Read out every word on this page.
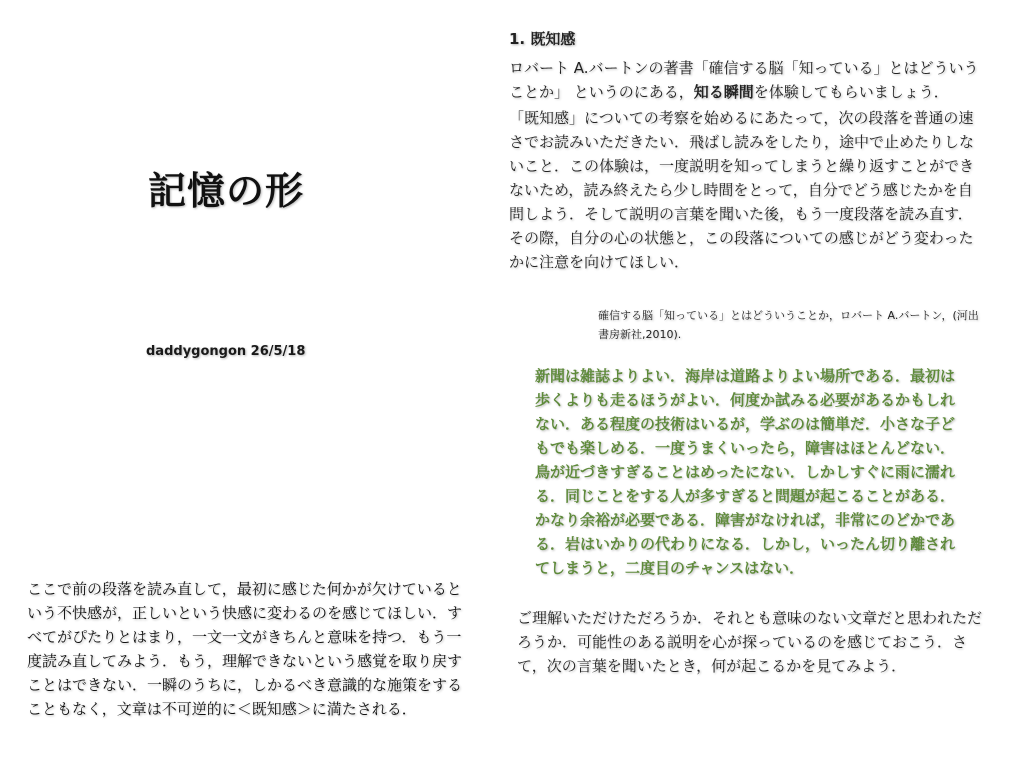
記憶の形
daddygongon 26/5/18

ここで前の段落を読み直して，最初に感じた何かが欠けているという不快感が，正しいという快感に変わるのを感じてほしい．すべてがぴたりとはまり，一文一文がきちんと意味を持つ．もう一度読み直してみよう．もう，理解できないという感覚を取り戻すことはできない．一瞬のうちに，しかるべき意識的な施策をすることもなく，文章は不可逆的に＜既知感＞に満たされる．

1. 既知感

ロバート A.バートンの著書「確信する脳「知っている」とはどういうことか」 というのにある，知る瞬間を体験してもらいましょう．

「既知感」についての考察を始めるにあたって，次の段落を普通の速さでお読みいただきたい．飛ばし読みをしたり，途中で止めたりしないこと．この体験は，一度説明を知ってしまうと繰り返すことができないため，読み終えたら少し時間をとって，自分でどう感じたかを自問しよう．そして説明の言葉を聞いた後，もう一度段落を読み直す．その際，自分の心の状態と，この段落についての感じがどう変わったかに注意を向けてほしい．

確信する脳「知っている」とはどういうことか，ロバート A.バートン，(河出書房新社,2010).

新聞は雑誌よりよい．海岸は道路よりよい場所である．最初は歩くよりも走るほうがよい．何度か試みる必要があるかもしれない．ある程度の技術はいるが，学ぶのは簡単だ．小さな子どもでも楽しめる．一度うまくいったら，障害はほとんどない．鳥が近づきすぎることはめったにない．しかしすぐに雨に濡れる．同じことをする人が多すぎると問題が起こることがある．かなり余裕が必要である．障害がなければ，非常にのどかである．岩はいかりの代わりになる．しかし，いったん切り離されてしまうと，二度目のチャンスはない．

ご理解いただけただろうか．それとも意味のない文章だと思われただろうか．可能性のある説明を心が探っているのを感じておこう．さて，次の言葉を聞いたとき，何が起こるかを見てみよう．
